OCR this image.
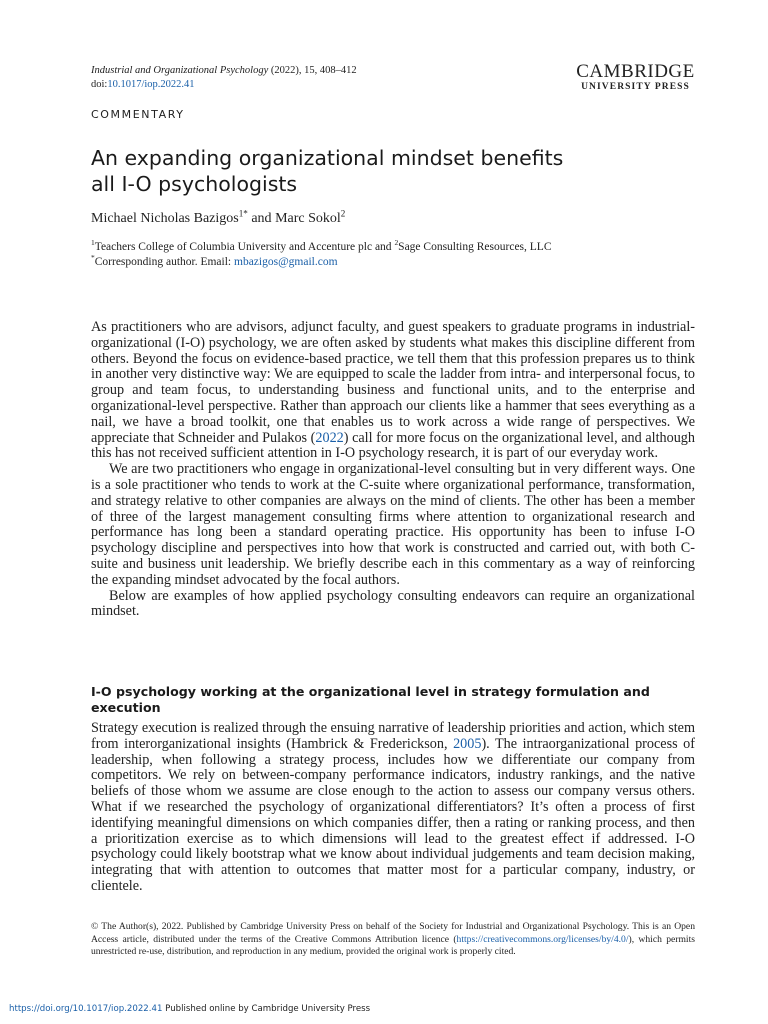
Industrial and Organizational Psychology (2022), 15, 408–412
doi:10.1017/iop.2022.41
CAMBRIDGE
UNIVERSITY PRESS
COMMENTARY
An expanding organizational mindset benefits
all I-O psychologists
Michael Nicholas Bazigos$^{1*}$ and Marc Sokol$^2$
$^1$Teachers College of Columbia University and Accenture plc and $^2$Sage Consulting Resources, LLC
*Corresponding author. Email: mbazigos@gmail.com

As practitioners who are advisors, adjunct faculty, and guest speakers to graduate programs in industrial-organizational (I-O) psychology, we are often asked by students what makes this discipline different from others. Beyond the focus on evidence-based practice, we tell them that this profession prepares us to think in another very distinctive way: We are equipped to scale the ladder from intra- and interpersonal focus, to group and team focus, to understanding business and functional units, and to the enterprise and organizational-level perspective. Rather than approach our clients like a hammer that sees everything as a nail, we have a broad toolkit, one that enables us to work across a wide range of perspectives. We appreciate that Schneider and Pulakos (2022) call for more focus on the organizational level, and although this has not received sufficient attention in I-O psychology research, it is part of our everyday work.

We are two practitioners who engage in organizational-level consulting but in very different ways. One is a sole practitioner who tends to work at the C-suite where organizational performance, transformation, and strategy relative to other companies are always on the mind of clients. The other has been a member of three of the largest management consulting firms where attention to organizational research and performance has long been a standard operating practice. His opportunity has been to infuse I-O psychology discipline and perspectives into how that work is constructed and carried out, with both C-suite and business unit leadership. We briefly describe each in this commentary as a way of reinforcing the expanding mindset advocated by the focal authors.

Below are examples of how applied psychology consulting endeavors can require an organizational mindset.

I-O psychology working at the organizational level in strategy formulation and execution

Strategy execution is realized through the ensuing narrative of leadership priorities and action, which stem from interorganizational insights (Hambrick & Frederickson, 2005). The intraorganizational process of leadership, when following a strategy process, includes how we differentiate our company from competitors. We rely on between-company performance indicators, industry rankings, and the native beliefs of those whom we assume are close enough to the action to assess our company versus others. What if we researched the psychology of organizational differentiators? It’s often a process of first identifying meaningful dimensions on which companies differ, then a rating or ranking process, and then a prioritization exercise as to which dimensions will lead to the greatest effect if addressed. I-O psychology could likely bootstrap what we know about individual judgements and team decision making, integrating that with attention to outcomes that matter most for a particular company, industry, or clientele.

© The Author(s), 2022. Published by Cambridge University Press on behalf of the Society for Industrial and Organizational Psychology. This is an Open Access article, distributed under the terms of the Creative Commons Attribution licence (https://creativecommons.org/licenses/by/4.0/), which permits unrestricted re-use, distribution, and reproduction in any medium, provided the original work is properly cited.
https://doi.org/10.1017/iop.2022.41 Published online by Cambridge University Press
